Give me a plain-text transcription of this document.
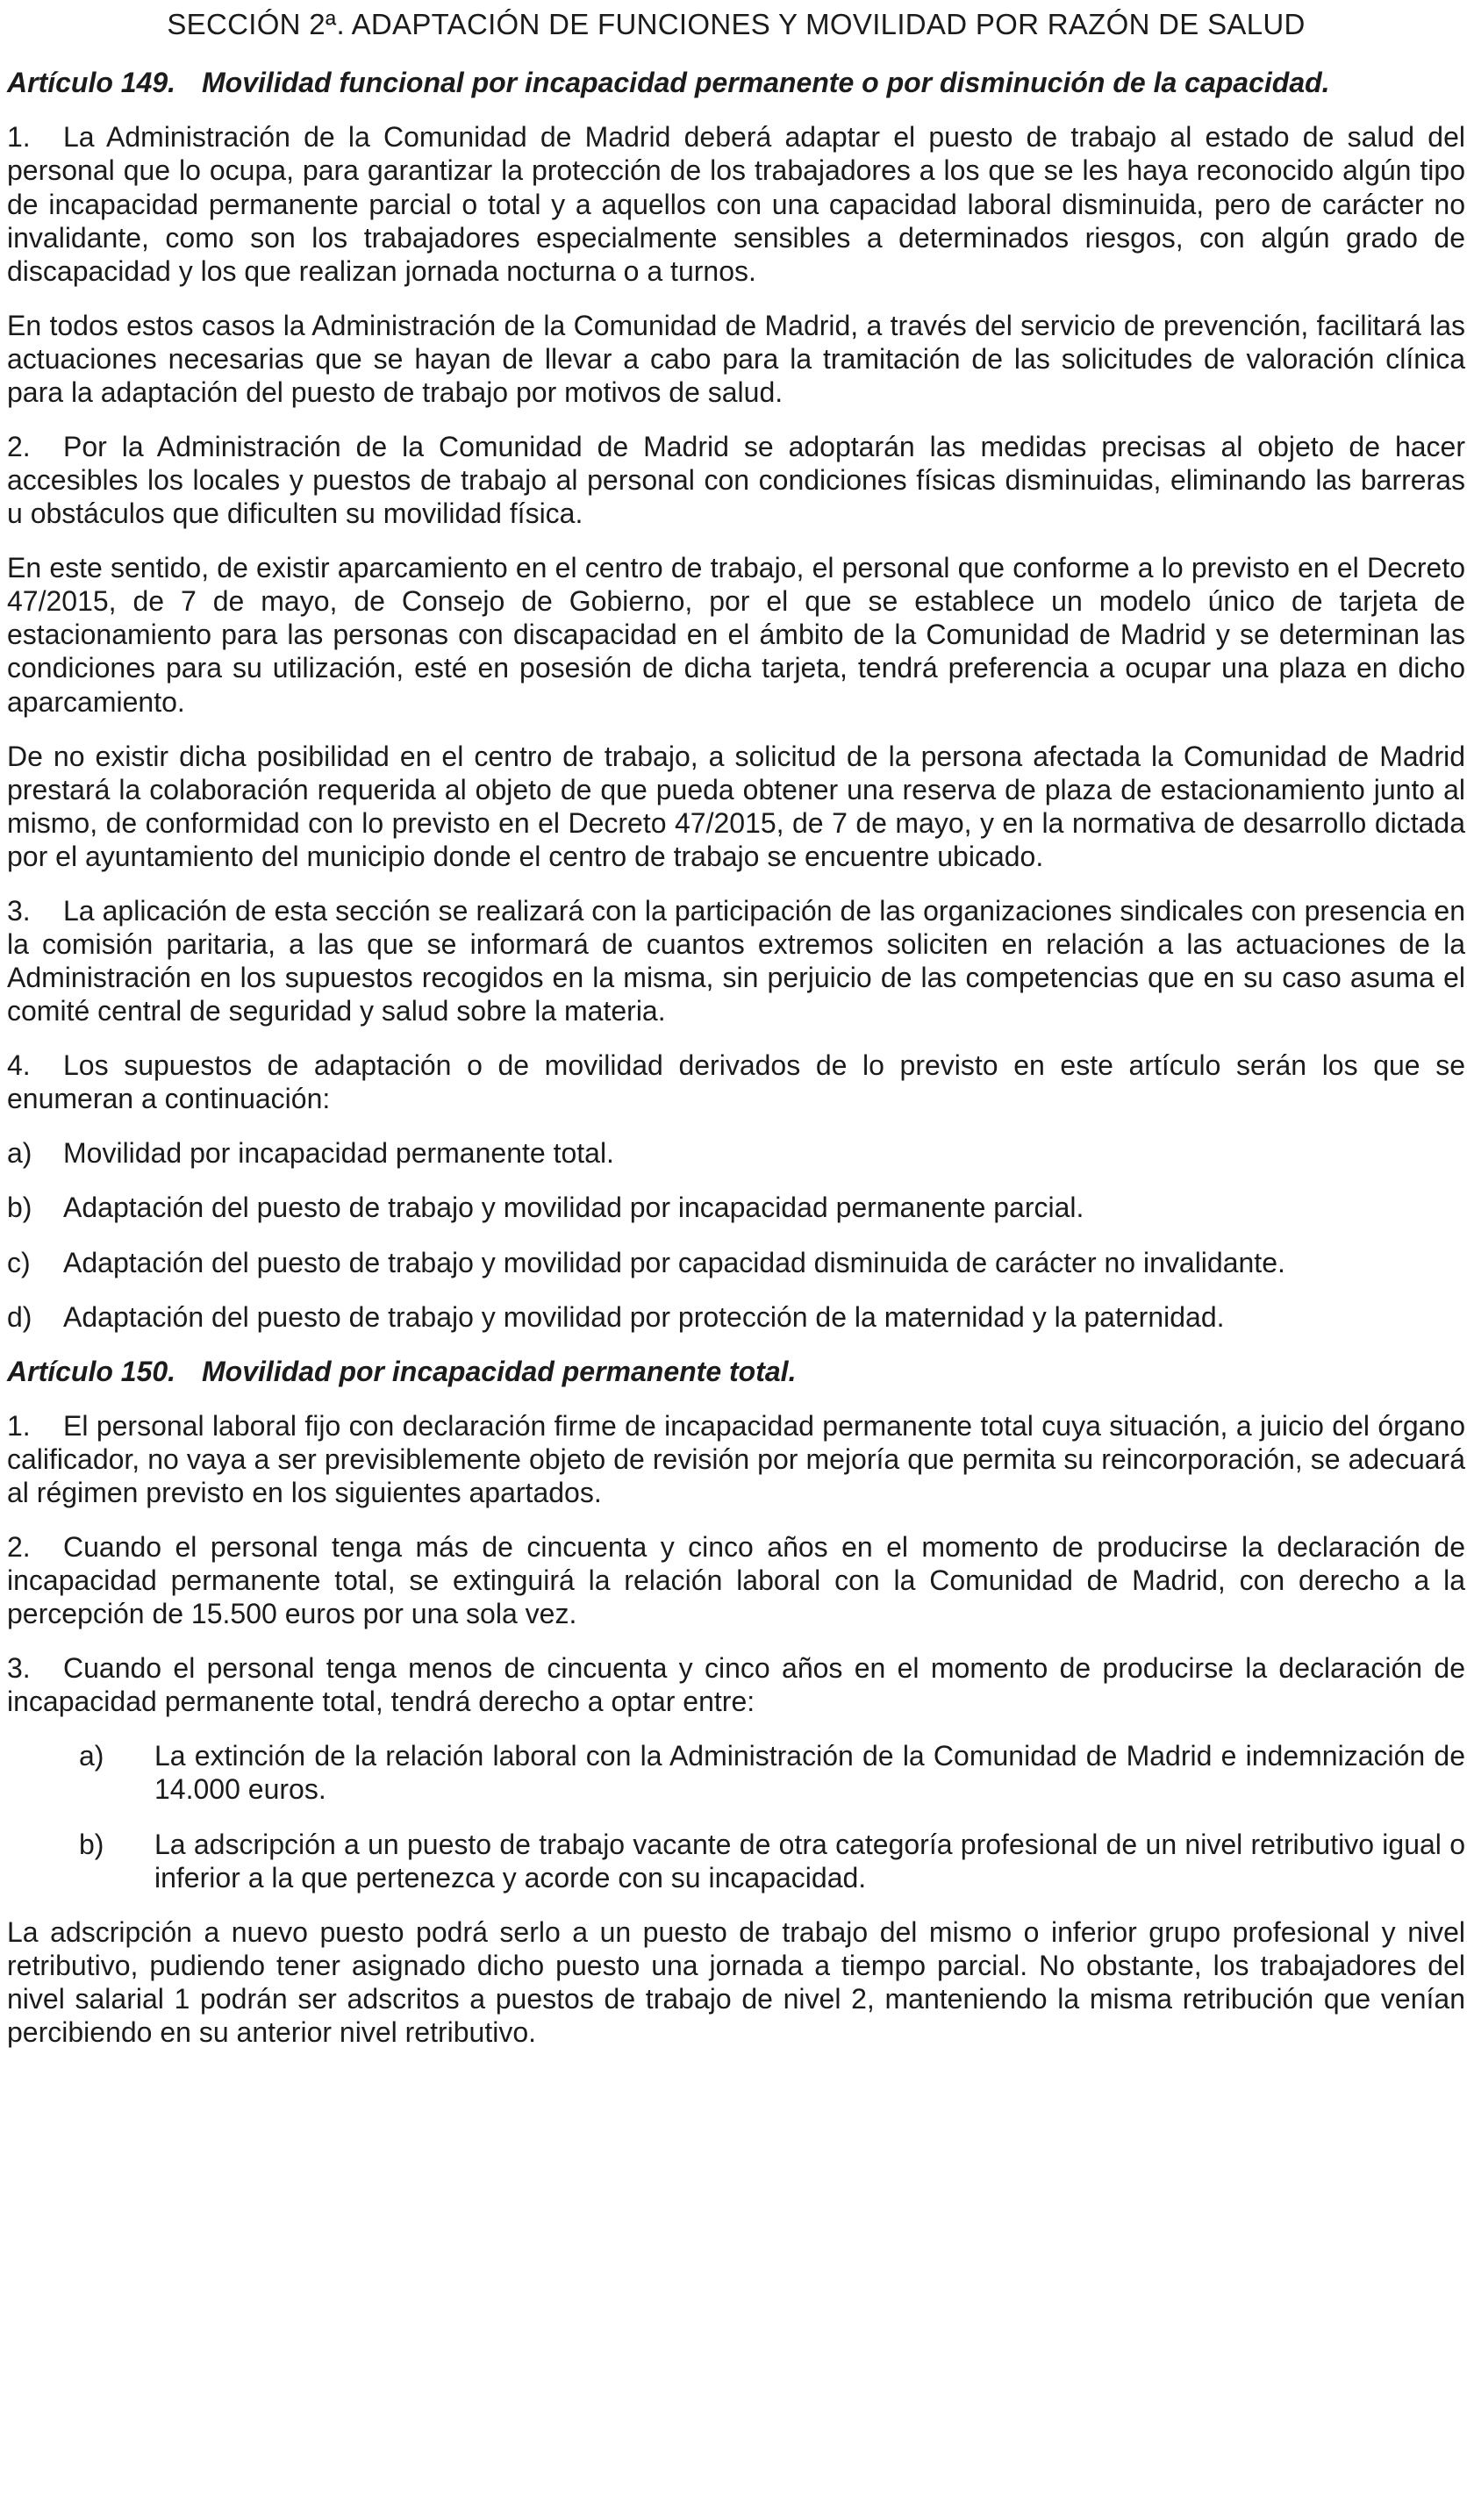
SECCIÓN 2ª. ADAPTACIÓN DE FUNCIONES Y MOVILIDAD POR RAZÓN DE SALUD

Artículo 149. Movilidad funcional por incapacidad permanente o por disminución de la capacidad.

1. La Administración de la Comunidad de Madrid deberá adaptar el puesto de trabajo al estado de salud del personal que lo ocupa, para garantizar la protección de los trabajadores a los que se les haya reconocido algún tipo de incapacidad permanente parcial o total y a aquellos con una capacidad laboral disminuida, pero de carácter no invalidante, como son los trabajadores especialmente sensibles a determinados riesgos, con algún grado de discapacidad y los que realizan jornada nocturna o a turnos.

En todos estos casos la Administración de la Comunidad de Madrid, a través del servicio de prevención, facilitará las actuaciones necesarias que se hayan de llevar a cabo para la tramitación de las solicitudes de valoración clínica para la adaptación del puesto de trabajo por motivos de salud.

2. Por la Administración de la Comunidad de Madrid se adoptarán las medidas precisas al objeto de hacer accesibles los locales y puestos de trabajo al personal con condiciones físicas disminuidas, eliminando las barreras u obstáculos que dificulten su movilidad física.

En este sentido, de existir aparcamiento en el centro de trabajo, el personal que conforme a lo previsto en el Decreto 47/2015, de 7 de mayo, de Consejo de Gobierno, por el que se establece un modelo único de tarjeta de estacionamiento para las personas con discapacidad en el ámbito de la Comunidad de Madrid y se determinan las condiciones para su utilización, esté en posesión de dicha tarjeta, tendrá preferencia a ocupar una plaza en dicho aparcamiento.

De no existir dicha posibilidad en el centro de trabajo, a solicitud de la persona afectada la Comunidad de Madrid prestará la colaboración requerida al objeto de que pueda obtener una reserva de plaza de estacionamiento junto al mismo, de conformidad con lo previsto en el Decreto 47/2015, de 7 de mayo, y en la normativa de desarrollo dictada por el ayuntamiento del municipio donde el centro de trabajo se encuentre ubicado.

3. La aplicación de esta sección se realizará con la participación de las organizaciones sindicales con presencia en la comisión paritaria, a las que se informará de cuantos extremos soliciten en relación a las actuaciones de la Administración en los supuestos recogidos en la misma, sin perjuicio de las competencias que en su caso asuma el comité central de seguridad y salud sobre la materia.

4. Los supuestos de adaptación o de movilidad derivados de lo previsto en este artículo serán los que se enumeran a continuación:

a) Movilidad por incapacidad permanente total.

b) Adaptación del puesto de trabajo y movilidad por incapacidad permanente parcial.

c) Adaptación del puesto de trabajo y movilidad por capacidad disminuida de carácter no invalidante.

d) Adaptación del puesto de trabajo y movilidad por protección de la maternidad y la paternidad.

Artículo 150. Movilidad por incapacidad permanente total.

1. El personal laboral fijo con declaración firme de incapacidad permanente total cuya situación, a juicio del órgano calificador, no vaya a ser previsiblemente objeto de revisión por mejoría que permita su reincorporación, se adecuará al régimen previsto en los siguientes apartados.

2. Cuando el personal tenga más de cincuenta y cinco años en el momento de producirse la declaración de incapacidad permanente total, se extinguirá la relación laboral con la Comunidad de Madrid, con derecho a la percepción de 15.500 euros por una sola vez.

3. Cuando el personal tenga menos de cincuenta y cinco años en el momento de producirse la declaración de incapacidad permanente total, tendrá derecho a optar entre:

a)	La extinción de la relación laboral con la Administración de la Comunidad de Madrid e indemnización de 14.000 euros.

b)	La adscripción a un puesto de trabajo vacante de otra categoría profesional de un nivel retributivo igual o inferior a la que pertenezca y acorde con su incapacidad.

La adscripción a nuevo puesto podrá serlo a un puesto de trabajo del mismo o inferior grupo profesional y nivel retributivo, pudiendo tener asignado dicho puesto una jornada a tiempo parcial. No obstante, los trabajadores del nivel salarial 1 podrán ser adscritos a puestos de trabajo de nivel 2, manteniendo la misma retribución que venían percibiendo en su anterior nivel retributivo.
